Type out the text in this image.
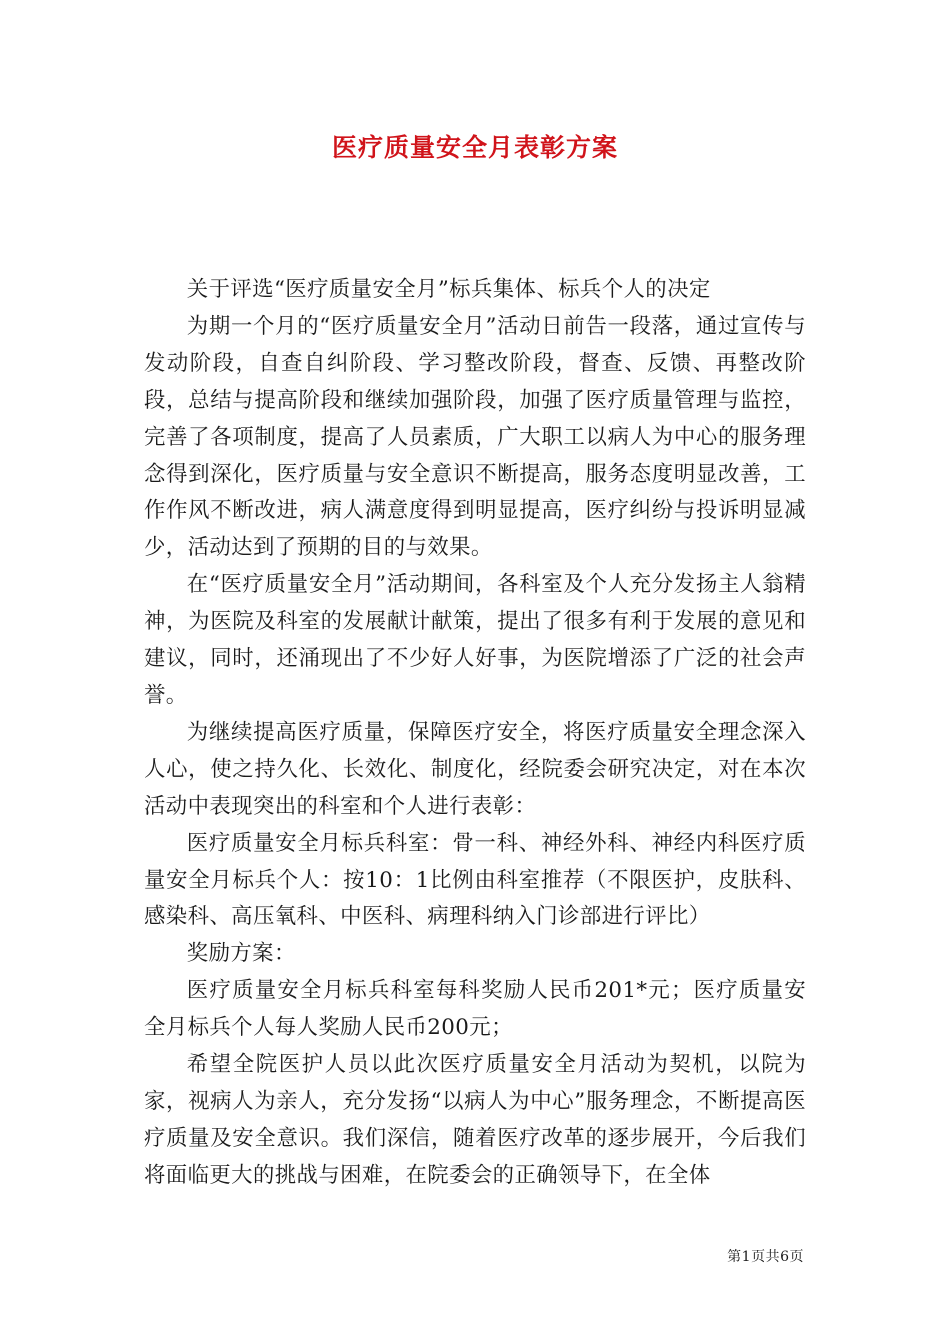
医疗质量安全月表彰方案

关于评选“医疗质量安全月”标兵集体、标兵个人的决定

为期一个月的“医疗质量安全月”活动日前告一段落，通过宣传与发动阶段，自查自纠阶段、学习整改阶段，督查、反馈、再整改阶段，总结与提高阶段和继续加强阶段，加强了医疗质量管理与监控，完善了各项制度，提高了人员素质，广大职工以病人为中心的服务理念得到深化，医疗质量与安全意识不断提高，服务态度明显改善，工作作风不断改进，病人满意度得到明显提高，医疗纠纷与投诉明显减少，活动达到了预期的目的与效果。

在“医疗质量安全月”活动期间，各科室及个人充分发扬主人翁精神，为医院及科室的发展献计献策，提出了很多有利于发展的意见和建议，同时，还涌现出了不少好人好事，为医院增添了广泛的社会声誉。

为继续提高医疗质量，保障医疗安全，将医疗质量安全理念深入人心，使之持久化、长效化、制度化，经院委会研究决定，对在本次活动中表现突出的科室和个人进行表彰：

医疗质量安全月标兵科室：骨一科、神经外科、神经内科医疗质量安全月标兵个人：按10：1比例由科室推荐（不限医护，皮肤科、感染科、高压氧科、中医科、病理科纳入门诊部进行评比）

奖励方案：

医疗质量安全月标兵科室每科奖励人民币201*元；医疗质量安全月标兵个人每人奖励人民币200元；

希望全院医护人员以此次医疗质量安全月活动为契机，以院为家，视病人为亲人，充分发扬“以病人为中心”服务理念，不断提高医疗质量及安全意识。我们深信，随着医疗改革的逐步展开，今后我们将面临更大的挑战与困难，在院委会的正确领导下，在全体

第1页共6页
